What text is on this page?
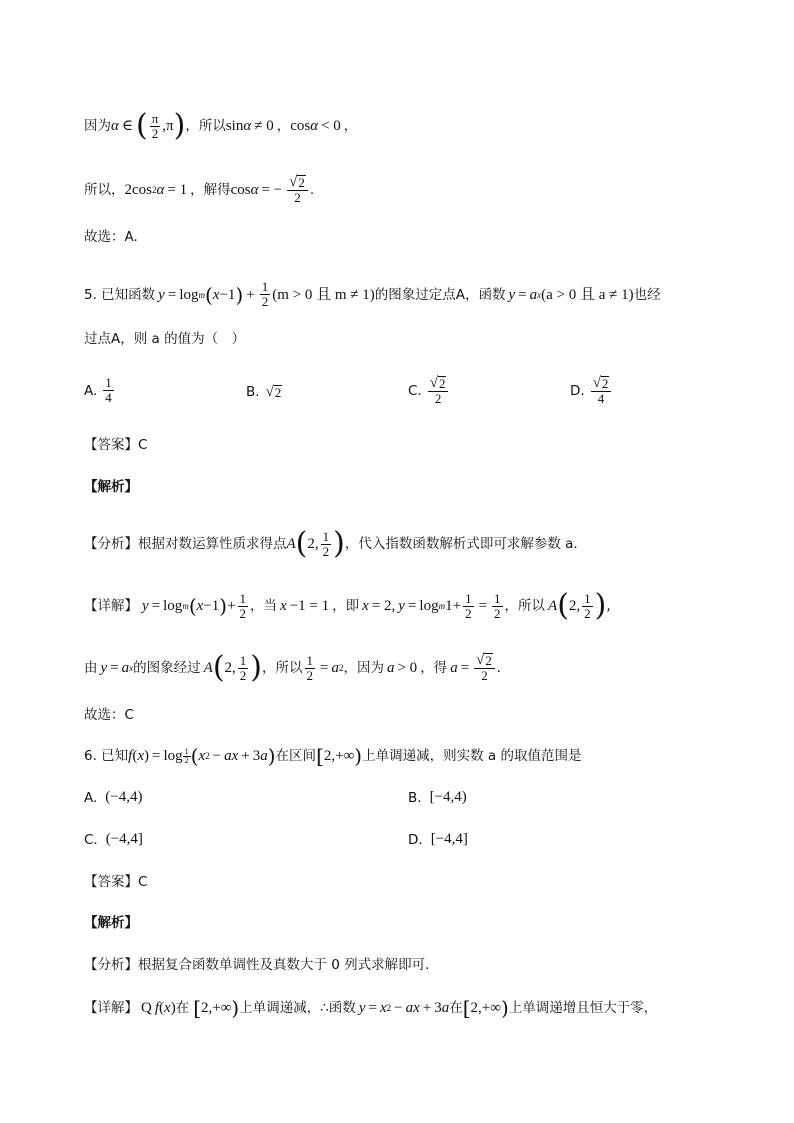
因为 α ∈ ( $\frac{\pi}{2} ,\pi$ ) ，所以 sin α ≠ 0 ， cos α < 0 ，
所以， 2cos 2 α = 1 ，解得 cos α = − $\frac{√ 2}{2}$ .
故选：A.
5. 已知函数 y = log m ( x −1 ) + $\frac{1}{2} (m > 0$ 且 m ≠ 1) 的图象过定点A，函数 y = a x (a > 0 且 a ≠ 1) 也经
过点A，则 a 的值为（　）
A. $\frac{1}{4}$	B. √ 2	C. $\frac{√ 2}{2}$	D. $\frac{√ 2}{4}$
【答案】C
【解析】
【分析】根据对数运算性质求得点 A ( 2, $\frac{1}{2}$ ) ，代入指数函数解析式即可求解参数 a.
【详解】 y = log m ( x −1 ) + $\frac{1}{2}$ ，当 x −1 = 1 ，即 x = 2, y = log m $1+ \frac{1}{2} = \frac{1}{2}$ ，所以 A ( 2, $\frac{1}{2}$ ) ,
由 y = a x 的图象经过 A ( 2, $\frac{1}{2}$ ) ，所以 $\frac{1}{2} = a$ 2 ，因为 a > 0 ，得 $a = \frac{√ 2}{2}$ .
故选：C
6. 已知 f ( x ) = $\log \frac{1}{2}$ ( x 2 − ax + 3 a ) 在区间 [ 2,+∞ ) 上单调递减，则实数 a 的取值范围是
A. (−4,4)	B. [−4,4)
C. (−4,4]	D. [−4,4]
【答案】C
【解析】
【分析】根据复合函数单调性及真数大于 0 列式求解即可.
【详解】 Q f ( x ) 在 [ 2,+∞ ) 上单调递减，∴函数 y = x 2 − ax + 3 a 在 [ 2,+∞ ) 上单调递增且恒大于零，
